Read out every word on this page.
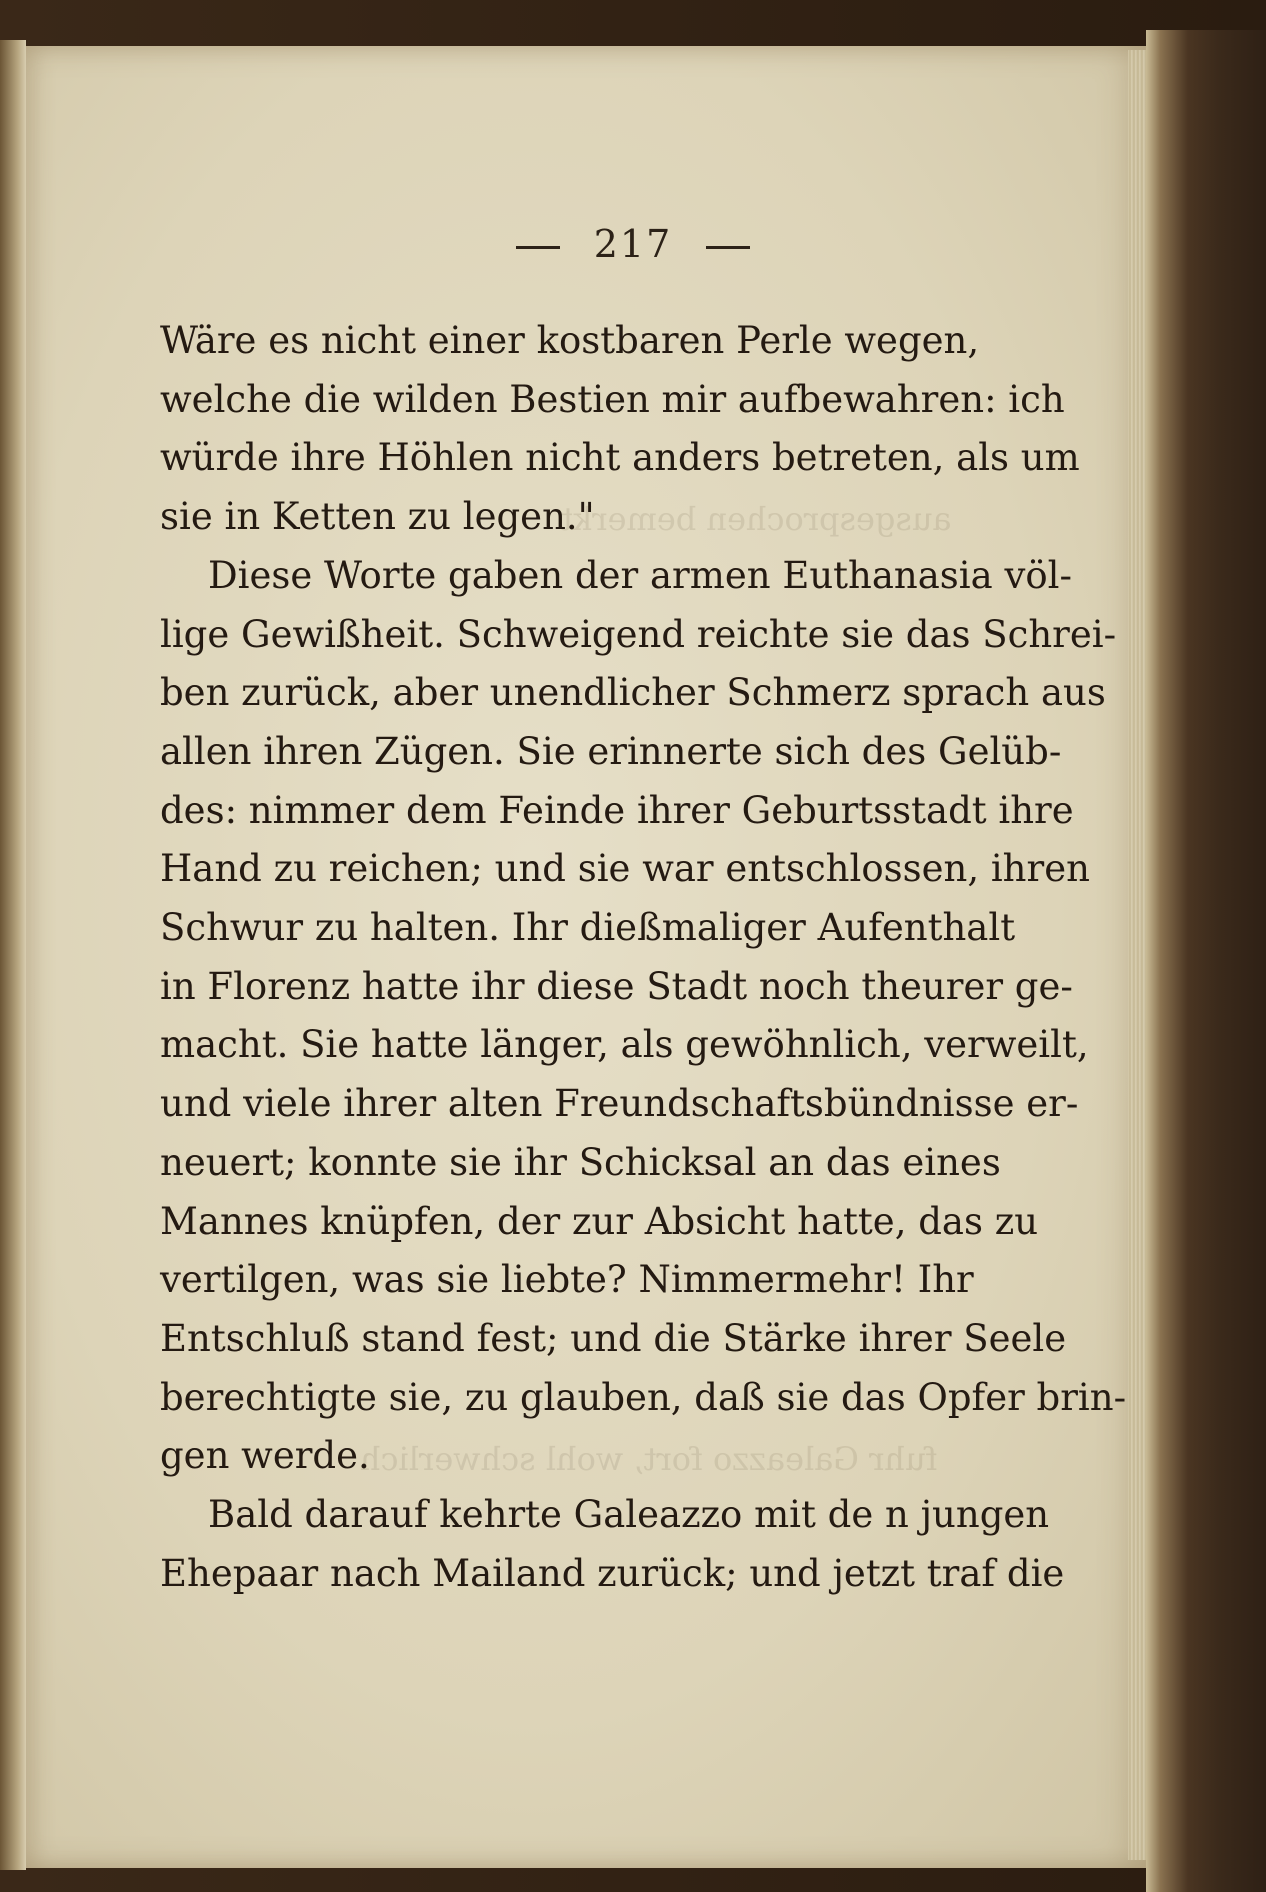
ausgesprochen bemerkt
fuhr Galeazzo fort, wohl schwerlich
217
Wäre es nicht einer kostbaren Perle wegen,
welche die wilden Bestien mir aufbewahren: ich
würde ihre Höhlen nicht anders betreten, als um
sie in Ketten zu legen."
Diese Worte gaben der armen Euthanasia völ-
lige Gewißheit. Schweigend reichte sie das Schrei-
ben zurück, aber unendlicher Schmerz sprach aus
allen ihren Zügen. Sie erinnerte sich des Gelüb-
des: nimmer dem Feinde ihrer Geburtsstadt ihre
Hand zu reichen; und sie war entschlossen, ihren
Schwur zu halten. Ihr dießmaliger Aufenthalt
in Florenz hatte ihr diese Stadt noch theurer ge-
macht. Sie hatte länger, als gewöhnlich, verweilt,
und viele ihrer alten Freundschaftsbündnisse er-
neuert; konnte sie ihr Schicksal an das eines
Mannes knüpfen, der zur Absicht hatte, das zu
vertilgen, was sie liebte? Nimmermehr! Ihr
Entschluß stand fest; und die Stärke ihrer Seele
berechtigte sie, zu glauben, daß sie das Opfer brin-
gen werde.
Bald darauf kehrte Galeazzo mit de n jungen
Ehepaar nach Mailand zurück; und jetzt traf die
